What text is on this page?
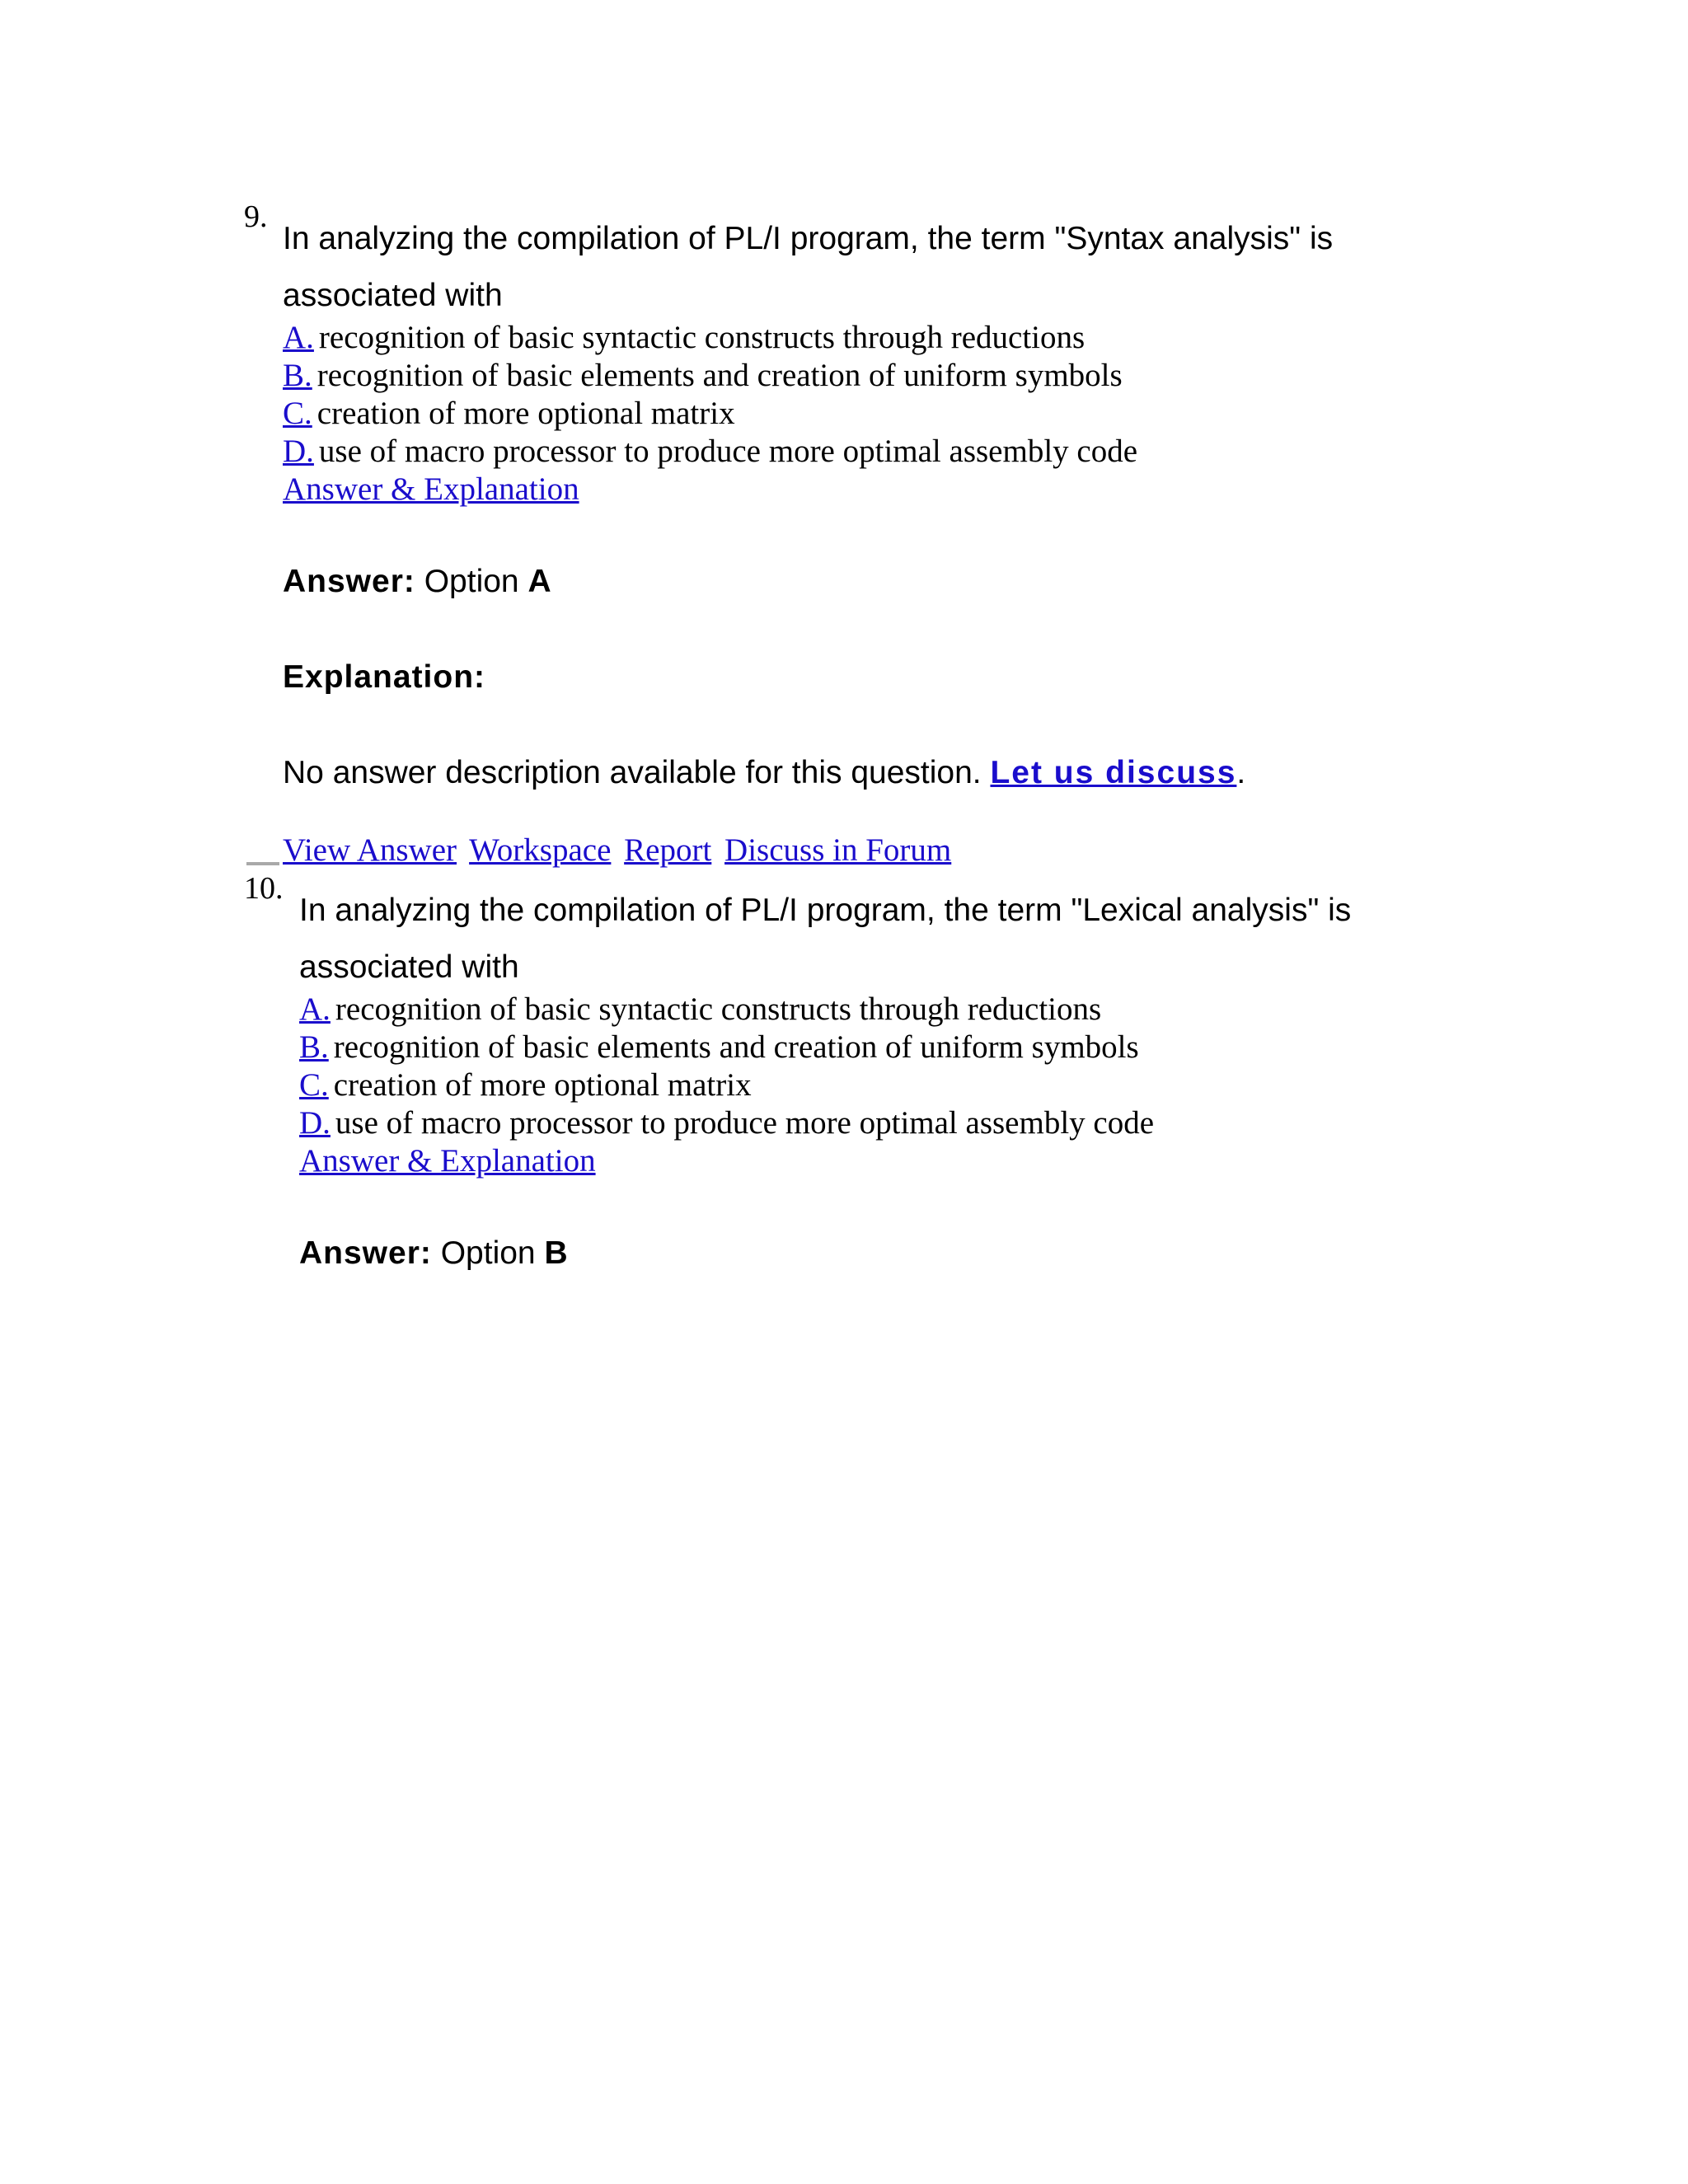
9.

In analyzing the compilation of PL/I program, the term "Syntax analysis" is associated with

A. recognition of basic syntactic constructs through reductions
B. recognition of basic elements and creation of uniform symbols
C. creation of more optional matrix
D. use of macro processor to produce more optimal assembly code
Answer & Explanation
Answer: Option A
Explanation:
No answer description available for this question. Let us discuss.
View Answer Workspace Report Discuss in Forum
10.

In analyzing the compilation of PL/I program, the term "Lexical analysis" is associated with

A. recognition of basic syntactic constructs through reductions
B. recognition of basic elements and creation of uniform symbols
C. creation of more optional matrix
D. use of macro processor to produce more optimal assembly code
Answer & Explanation
Answer: Option B
